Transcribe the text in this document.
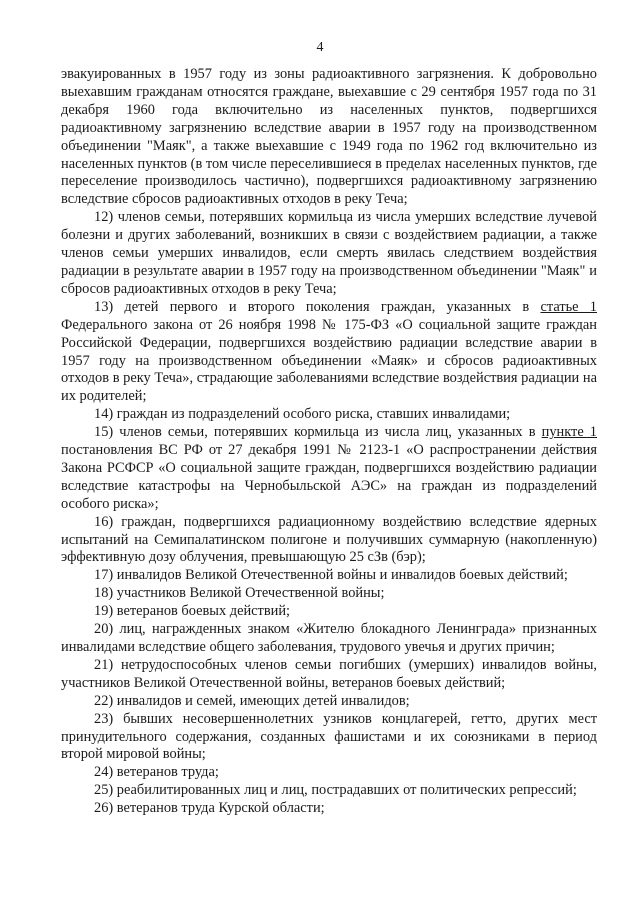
4

эвакуированных в 1957 году из зоны радиоактивного загрязнения. К добровольно выехавшим гражданам относятся граждане, выехавшие с 29 сентября 1957 года по 31 декабря 1960 года включительно из населенных пунктов, подвергшихся радиоактивному загрязнению вследствие аварии в 1957 году на производственном объединении "Маяк", а также выехавшие с 1949 года по 1962 год включительно из населенных пунктов (в том числе переселившиеся в пределах населенных пунктов, где переселение производилось частично), подвергшихся радиоактивному загрязнению вследствие сбросов радиоактивных отходов в реку Теча;

12) членов семьи, потерявших кормильца из числа умерших вследствие лучевой болезни и других заболеваний, возникших в связи с воздействием радиации, а также членов семьи умерших инвалидов, если смерть явилась следствием воздействия радиации в результате аварии в 1957 году на производственном объединении "Маяк" и сбросов радиоактивных отходов в реку Теча;

13) детей первого и второго поколения граждан, указанных в статье 1 Федерального закона от 26 ноября 1998 № 175-ФЗ «О социальной защите граждан Российской Федерации, подвергшихся воздействию радиации вследствие аварии в 1957 году на производственном объединении «Маяк» и сбросов радиоактивных отходов в реку Теча», страдающие заболеваниями вследствие воздействия радиации на их родителей;

14) граждан из подразделений особого риска, ставших инвалидами;

15) членов семьи, потерявших кормильца из числа лиц, указанных в пункте 1 постановления ВС РФ от 27 декабря 1991 № 2123-1 «О распространении действия Закона РСФСР «О социальной защите граждан, подвергшихся воздействию радиации вследствие катастрофы на Чернобыльской АЭС» на граждан из подразделений особого риска»;

16) граждан, подвергшихся радиационному воздействию вследствие ядерных испытаний на Семипалатинском полигоне и получивших суммарную (накопленную) эффективную дозу облучения, превышающую 25 сЗв (бэр);

17) инвалидов Великой Отечественной войны и инвалидов боевых действий;

18) участников Великой Отечественной войны;

19) ветеранов боевых действий;

20) лиц, награжденных знаком «Жителю блокадного Ленинграда» признанных инвалидами вследствие общего заболевания, трудового увечья и других причин;

21) нетрудоспособных членов семьи погибших (умерших) инвалидов войны, участников Великой Отечественной войны, ветеранов боевых действий;

22) инвалидов и семей, имеющих детей инвалидов;

23) бывших несовершеннолетних узников концлагерей, гетто, других мест принудительного содержания, созданных фашистами и их союзниками в период второй мировой войны;

24) ветеранов труда;

25) реабилитированных лиц и лиц, пострадавших от политических репрессий;

26) ветеранов труда Курской области;
